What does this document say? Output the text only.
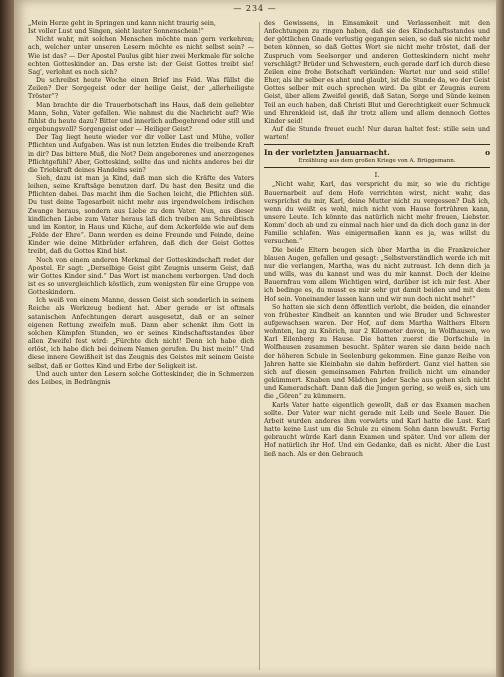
— 234 —

„Mein Herze geht in Springen und kann nicht traurig sein,

Ist voller Lust und Singen, sieht lauter Sonnenschein!“

Nicht wahr, mit solchen Menschen möchte man gern verkehren; ach, welcher unter unseren Lesern möchte es nicht selbst sein? — Wie ist das? — Der Apostel Paulus gibt hier zwei Merkmale für solche echten Gotteskinder an. Das erste ist: der Geist Gottes treibt sie! Sag', verlohnt es noch sich?

Du schreibst heute Woche einen Brief ins Feld. Was füllst die Zeilen? Der Sorgegeist oder der heilige Geist, der „allerheiligste Tröster“?

Man brachte dir die Trauerbotschaft ins Haus, daß dein geliebter Mann, Sohn, Vater gefallen. Wie nahmst du die Nachricht auf? Wie fühlst du heute dazu? Bitter und innerlich aufbegehrend oder still und ergebungsvoll? Sorgengeist oder — Heiliger Geist?

Der Tag liegt heute wieder vor dir voller Last und Mühe, voller Pflichten und Aufgaben. Was ist nun letzten Endes die treibende Kraft in dir? Das bittere Muß, die Not? Dein angeborenes und anerzogenes Pflichtgefühl? Aber, Gotteskind, sollte das und nichts anderes bei dir die Triebkraft deines Handelns sein?

Sieh, dazu ist man ja Kind, daß man sich die Kräfte des Vaters leihen, seine Kraftsäge benutzen darf. Du hast den Besitz und die Pflichten dabei. Das macht ihm die Sachen leicht, die Pflichten süß. Du tust deine Tagesarbeit nicht mehr aus irgendwelchem irdischen Zwange heraus, sondern aus Liebe zu dem Vater. Nun, aus dieser kindlichen Liebe zum Vater heraus laß dich treiben am Schreibtisch und im Kontor, in Haus und Küche, auf dem Ackerfelde wie auf dem „Felde der Ehre“. Dann werden es deine Freunde und Feinde, deine Kinder wie deine Mitbrüder erfahren, daß dich der Geist Gottes treibt, daß du Gottes Kind bist.

Noch von einem anderen Merkmal der Gotteskindschaft redet der Apostel. Er sagt: „Derselbige Geist gibt Zeugnis unserm Geist, daß wir Gottes Kinder sind.“ Das Wort ist manchem verborgen. Und doch ist es so unvergleichlich köstlich, zum wenigsten für eine Gruppe von Gotteskindern.

Ich weiß von einem Manne, dessen Geist sich sonderlich in seinem Reiche als Werkzeug bedient hat. Aber gerade er ist oftmals satanischen Anfechtungen derart ausgesetzt, daß er an seiner eigenen Rettung zweifeln muß. Dann aber schenkt ihm Gott in solchen Kämpfen Stunden, wo er seines Kindschaftsstandes über allen Zweifel fest wird: „Fürchte dich nicht! Denn ich habe dich erlöst, ich habe dich bei deinem Namen gerufen. Du bist mein!“ Und diese innere Gewißheit ist das Zeugnis des Geistes mit seinem Geiste selbst, daß er Gottes Kind und Erbe der Seligkeit ist.

Und auch unter den Lesern solche Gotteskinder, die in Schmerzen des Leibes, in Bedrängnis

des Gewissens, in Einsamkeit und Verlassenheit mit den Anfechtungen zu ringen haben, daß sie des Kindschaftsstandes und der göttlichen Gnade verlustig gegangen seien, so daß sie nicht mehr beten können, so daß Gottes Wort sie nicht mehr tröstet, daß der Zuspruch vom Seelsorger und anderen Gotteskindern nicht mehr verschlägt? Brüder und Schwestern, euch gerade darf ich durch diese Zeilen eine frohe Botschaft verkünden: Wartet nur und seid stille! Eher, als ihr selber es ahnt und glaubt, ist die Stunde da, wo der Geist Gottes selber mit euch sprechen wird. Da gibt er Zeugnis eurem Geist, über allem Zweifel gewiß, daß Satan, Sorge und Sünde keinen Teil an euch haben, daß Christi Blut und Gerechtigkeit euer Schmuck und Ehrenkleid ist, daß ihr trotz allem und allem dennoch Gottes Kinder seid!

Auf die Stunde freuet euch! Nur daran haltet fest: stille sein und warten!

In der vorletzten Januarnacht.	o
Erzählung aus dem großen Kriege von A. Brüggemann.
I.

„Nicht wahr, Karl, das verspricht du mir, so wie du richtige Bauernarbeit auf dem Hofe verrichten wirst, nicht wahr, das versprichst du mir, Karl, deine Mutter nicht zu vergessen? Daß ich, wenn du weißt es wohl, mich nicht vom Hause fortrühren kann, unsere Leute. Ich könnte das natürlich nicht mehr freuen, Liebster. Komm' doch ab und zu einmal nach hier und da dich doch ganz in der Familie schlafen. Was einigermaßen kann es ja, was willst du versuchen.“

Die beide Eltern beugen sich über Martha in die Frankreicher blauen Augen, gefallen und gesagt: „Selbstverständlich werde ich mit nur die verlangen, Martha, was du nicht zutraust. Ich denn dich ja und wills, was du kannst und was du mir kannst. Doch der kleine Bauernfrau vom allem Wichtigen wird, darüber ist ich mir fest. Aber ich bedinge es, du musst es mir sehr gut damit beiden und mit dem Hof sein. Voneinander lassen kann und wir nun doch nicht mehr!“

So hatten sie sich denn öffentlich verlobt, die beiden, die einander von frühester Kindheit an kannten und wie Bruder und Schwester aufgewachsen waren. Der Hof, auf dem Martha Walthers Eltern wohnten, lag zu Knörich, nur 2 Kilometer davon, in Wolfhausen, wo Karl Eilenberg zu Hause. Die hatten zuerst die Dorfschule in Wolfhausen zusammen besucht. Später waren sie dann beide nach der höheren Schule in Seelenburg gekommen. Eine ganze Reihe von Jahren hatte sie Kleinbahn sie dahin befördert. Ganz viel hatten sie sich auf diesen gemeinsamen Fahrten freilich nicht um einander gekümmert. Knaben und Mädchen jeder Sache aus gehen sich nicht und Kameradschaft. Dann daß die Jungen gering, so weiß es, sich um die „Gören“ zu kümmern.

Karls Vater hatte eigentlich gewollt, daß er das Examen machen sollte. Der Vater war nicht gerade mit Leib und Seele Bauer. Die Arbeit wurden anderes ihm vorwärts und Karl hatte die Lust. Karl hatte keine Lust um die Schule zu einem Sohn dann bewußt. Fertig gebraucht würde Karl dann Examen und später. Und vor allem der Hof natürlich ihr Hof. Und ein Gedanke, daß es nicht. Aber die Lust ließ nach. Als er den Gebrauch
